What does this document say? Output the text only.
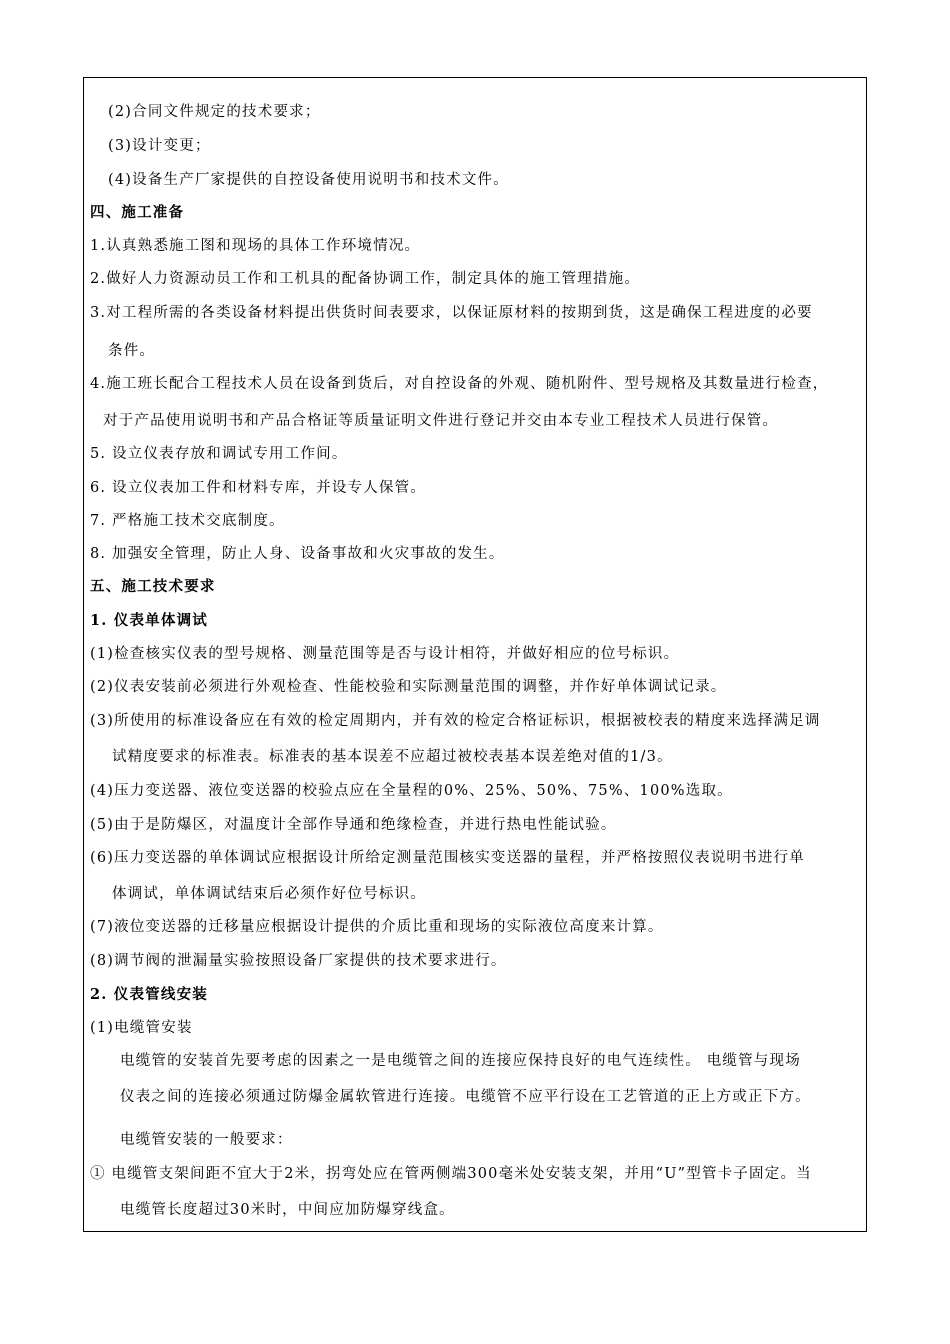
(2)合同文件规定的技术要求；
(3)设计变更；
(4)设备生产厂家提供的自控设备使用说明书和技术文件。
四、施工准备
1.认真熟悉施工图和现场的具体工作环境情况。
2.做好人力资源动员工作和工机具的配备协调工作，制定具体的施工管理措施。
3.对工程所需的各类设备材料提出供货时间表要求，以保证原材料的按期到货，这是确保工程进度的必要
条件。
4.施工班长配合工程技术人员在设备到货后，对自控设备的外观、随机附件、型号规格及其数量进行检查，
对于产品使用说明书和产品合格证等质量证明文件进行登记并交由本专业工程技术人员进行保管。
5. 设立仪表存放和调试专用工作间。
6. 设立仪表加工件和材料专库，并设专人保管。
7. 严格施工技术交底制度。
8. 加强安全管理，防止人身、设备事故和火灾事故的发生。
五、施工技术要求
1. 仪表单体调试
(1)检查核实仪表的型号规格、测量范围等是否与设计相符，并做好相应的位号标识。
(2)仪表安装前必须进行外观检查、性能校验和实际测量范围的调整，并作好单体调试记录。
(3)所使用的标准设备应在有效的检定周期内，并有效的检定合格证标识，根据被校表的精度来选择满足调
试精度要求的标准表。标准表的基本误差不应超过被校表基本误差绝对值的1/3。
(4)压力变送器、液位变送器的校验点应在全量程的0%、25%、50%、75%、100%选取。
(5)由于是防爆区，对温度计全部作导通和绝缘检查，并进行热电性能试验。
(6)压力变送器的单体调试应根据设计所给定测量范围核实变送器的量程，并严格按照仪表说明书进行单
体调试，单体调试结束后必须作好位号标识。
(7)液位变送器的迁移量应根据设计提供的介质比重和现场的实际液位高度来计算。
(8)调节阀的泄漏量实验按照设备厂家提供的技术要求进行。
2. 仪表管线安装
(1)电缆管安装
电缆管的安装首先要考虑的因素之一是电缆管之间的连接应保持良好的电气连续性。 电缆管与现场
仪表之间的连接必须通过防爆金属软管进行连接。电缆管不应平行设在工艺管道的正上方或正下方。
电缆管安装的一般要求：
① 电缆管支架间距不宜大于2米，拐弯处应在管两侧端300毫米处安装支架，并用“U”型管卡子固定。当
电缆管长度超过30米时，中间应加防爆穿线盒。
